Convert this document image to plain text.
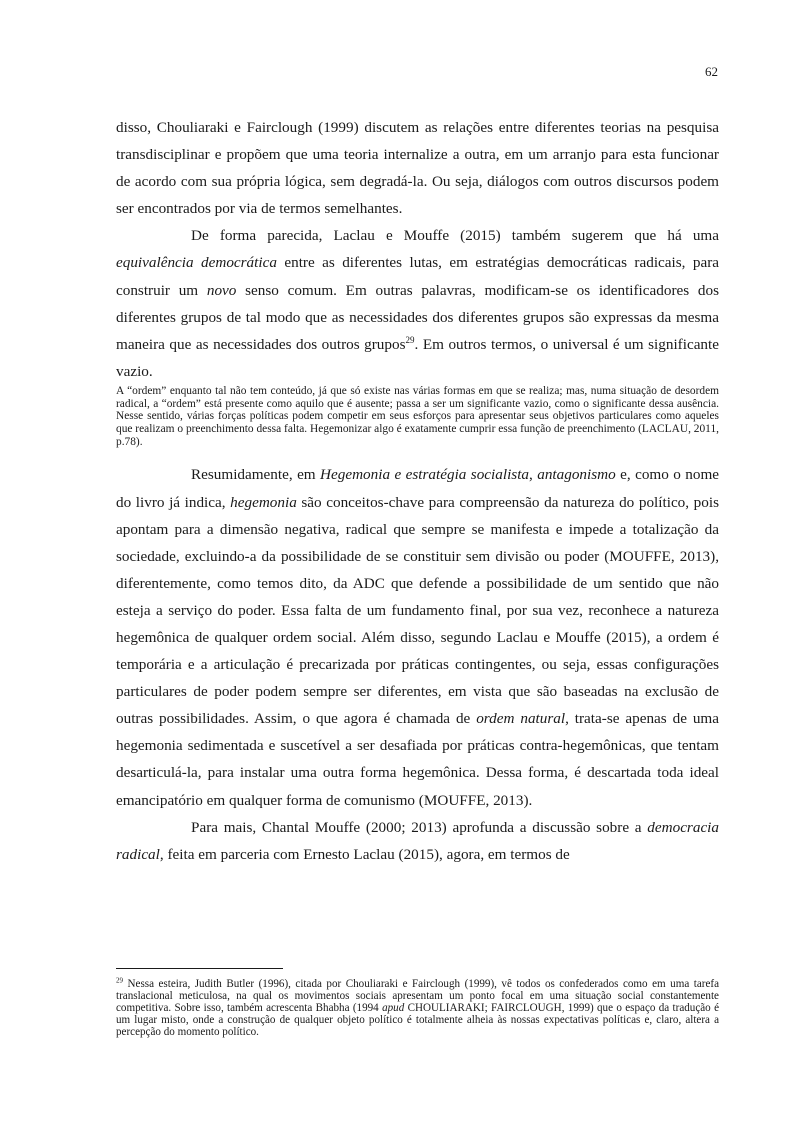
62

disso, Chouliaraki e Fairclough (1999) discutem as relações entre diferentes teorias na pesquisa transdisciplinar e propõem que uma teoria internalize a outra, em um arranjo para esta funcionar de acordo com sua própria lógica, sem degradá-la. Ou seja, diálogos com outros discursos podem ser encontrados por via de termos semelhantes.

De forma parecida, Laclau e Mouffe (2015) também sugerem que há uma equivalência democrática entre as diferentes lutas, em estratégias democráticas radicais, para construir um novo senso comum. Em outras palavras, modificam-se os identificadores dos diferentes grupos de tal modo que as necessidades dos diferentes grupos são expressas da mesma maneira que as necessidades dos outros grupos$^{29}$. Em outros termos, o universal é um significante vazio.

A “ordem” enquanto tal não tem conteúdo, já que só existe nas várias formas em que se realiza; mas, numa situação de desordem radical, a “ordem” está presente como aquilo que é ausente; passa a ser um significante vazio, como o significante dessa ausência. Nesse sentido, várias forças políticas podem competir em seus esforços para apresentar seus objetivos particulares como aqueles que realizam o preenchimento dessa falta. Hegemonizar algo é exatamente cumprir essa função de preenchimento (LACLAU, 2011, p.78).

Resumidamente, em Hegemonia e estratégia socialista, antagonismo e, como o nome do livro já indica, hegemonia são conceitos-chave para compreensão da natureza do político, pois apontam para a dimensão negativa, radical que sempre se manifesta e impede a totalização da sociedade, excluindo-a da possibilidade de se constituir sem divisão ou poder (MOUFFE, 2013), diferentemente, como temos dito, da ADC que defende a possibilidade de um sentido que não esteja a serviço do poder. Essa falta de um fundamento final, por sua vez, reconhece a natureza hegemônica de qualquer ordem social. Além disso, segundo Laclau e Mouffe (2015), a ordem é temporária e a articulação é precarizada por práticas contingentes, ou seja, essas configurações particulares de poder podem sempre ser diferentes, em vista que são baseadas na exclusão de outras possibilidades. Assim, o que agora é chamada de ordem natural, trata-se apenas de uma hegemonia sedimentada e suscetível a ser desafiada por práticas contra-hegemônicas, que tentam desarticulá-la, para instalar uma outra forma hegemônica. Dessa forma, é descartada toda ideal emancipatório em qualquer forma de comunismo (MOUFFE, 2013).

Para mais, Chantal Mouffe (2000; 2013) aprofunda a discussão sobre a democracia radical, feita em parceria com Ernesto Laclau (2015), agora, em termos de

$^{29}$ Nessa esteira, Judith Butler (1996), citada por Chouliaraki e Fairclough (1999), vê todos os confederados como em uma tarefa translacional meticulosa, na qual os movimentos sociais apresentam um ponto focal em uma situação social constantemente competitiva. Sobre isso, também acrescenta Bhabha (1994 apud CHOULIARAKI; FAIRCLOUGH, 1999) que o espaço da tradução é um lugar misto, onde a construção de qualquer objeto político é totalmente alheia às nossas expectativas políticas e, claro, altera a percepção do momento político.
